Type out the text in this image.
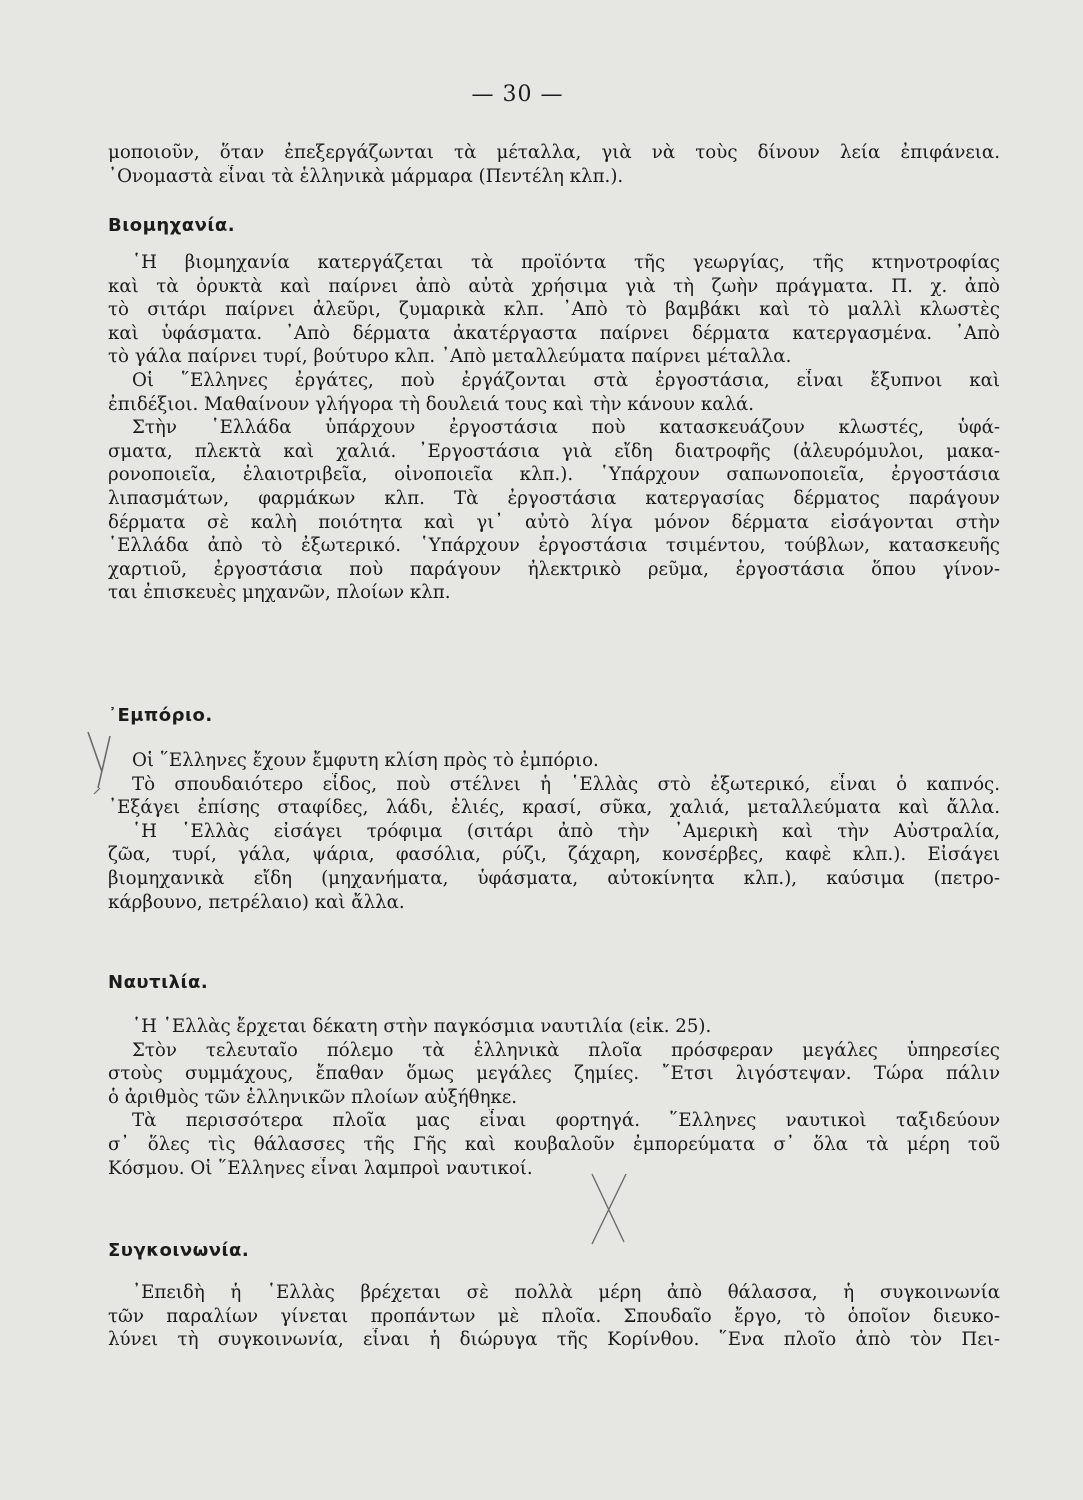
— 30 —
μοποιοῦν, ὅταν ἐπεξεργάζωνται τὰ μέταλλα, γιὰ νὰ τοὺς δίνουν λεία ἐπιφάνεια.
᾿Ονομαστὰ εἶναι τὰ ἑλληνικὰ μάρμαρα (Πεντέλη κλπ.).
Βιομηχανία.
῾Η βιομηχανία κατεργάζεται τὰ προϊόντα τῆς γεωργίας, τῆς κτηνοτροφίας
καὶ τὰ ὀρυκτὰ καὶ παίρνει ἀπὸ αὐτὰ χρήσιμα γιὰ τὴ ζωὴν πράγματα. Π. χ. ἀπὸ
τὸ σιτάρι παίρνει ἀλεῦρι, ζυμαρικὰ κλπ. ᾿Απὸ τὸ βαμβάκι καὶ τὸ μαλλὶ κλωστὲς
καὶ ὑφάσματα. ᾿Απὸ δέρματα ἀκατέργαστα παίρνει δέρματα κατεργασμένα. ᾿Απὸ
τὸ γάλα παίρνει τυρί, βούτυρο κλπ. ᾿Απὸ μεταλλεύματα παίρνει μέταλλα.
Οἱ ῞Ελληνες ἐργάτες, ποὺ ἐργάζονται στὰ ἐργοστάσια, εἶναι ἔξυπνοι καὶ
ἐπιδέξιοι. Μαθαίνουν γλήγορα τὴ δουλειά τους καὶ τὴν κάνουν καλά.
Στὴν ῾Ελλάδα ὑπάρχουν ἐργοστάσια ποὺ κατασκευάζουν κλωστές, ὑφά-
σματα, πλεκτὰ καὶ χαλιά. ᾿Εργοστάσια γιὰ εἴδη διατροφῆς (ἀλευρόμυλοι, μακα-
ρονοποιεῖα, ἐλαιοτριβεῖα, οἰνοποιεῖα κλπ.). ῾Υπάρχουν σαπωνοποιεῖα, ἐργοστάσια
λιπασμάτων, φαρμάκων κλπ. Τὰ ἐργοστάσια κατεργασίας δέρματος παράγουν
δέρματα σὲ καλὴ ποιότητα καὶ γι᾿ αὐτὸ λίγα μόνον δέρματα εἰσάγονται στὴν
῾Ελλάδα ἀπὸ τὸ ἐξωτερικό. ῾Υπάρχουν ἐργοστάσια τσιμέντου, τούβλων, κατασκευῆς
χαρτιοῦ, ἐργοστάσια ποὺ παράγουν ἠλεκτρικὸ ρεῦμα, ἐργοστάσια ὅπου γίνον-
ται ἐπισκευὲς μηχανῶν, πλοίων κλπ.
᾿Εμπόριο.
Οἱ ῞Ελληνες ἔχουν ἔμφυτη κλίση πρὸς τὸ ἐμπόριο.
Τὸ σπουδαιότερο εἶδος, ποὺ στέλνει ἡ ῾Ελλὰς στὸ ἐξωτερικό, εἶναι ὁ καπνός.
᾿Εξάγει ἐπίσης σταφίδες, λάδι, ἐλιές, κρασί, σῦκα, χαλιά, μεταλλεύματα καὶ ἄλλα.
῾Η ῾Ελλὰς εἰσάγει τρόφιμα (σιτάρι ἀπὸ τὴν ᾿Αμερικὴ καὶ τὴν Αὐστραλία,
ζῶα, τυρί, γάλα, ψάρια, φασόλια, ρύζι, ζάχαρη, κονσέρβες, καφὲ κλπ.). Εἰσάγει
βιομηχανικὰ εἴδη (μηχανήματα, ὑφάσματα, αὐτοκίνητα κλπ.), καύσιμα (πετρο-
κάρβουνο, πετρέλαιο) καὶ ἄλλα.
Ναυτιλία.
῾Η ῾Ελλὰς ἔρχεται δέκατη στὴν παγκόσμια ναυτιλία (εἰκ. 25).
Στὸν τελευταῖο πόλεμο τὰ ἑλληνικὰ πλοῖα πρόσφεραν μεγάλες ὑπηρεσίες
στοὺς συμμάχους, ἔπαθαν ὅμως μεγάλες ζημίες. ῎Ετσι λιγόστεψαν. Τώρα πάλιν
ὁ ἀριθμὸς τῶν ἑλληνικῶν πλοίων αὐξήθηκε.
Τὰ περισσότερα πλοῖα μας εἶναι φορτηγά. ῞Ελληνες ναυτικοὶ ταξιδεύουν
σ᾿ ὅλες τὶς θάλασσες τῆς Γῆς καὶ κουβαλοῦν ἐμπορεύματα σ᾿ ὅλα τὰ μέρη τοῦ
Κόσμου. Οἱ ῞Ελληνες εἶναι λαμπροὶ ναυτικοί.
Συγκοινωνία.
᾿Επειδὴ ἡ ῾Ελλὰς βρέχεται σὲ πολλὰ μέρη ἀπὸ θάλασσα, ἡ συγκοινωνία
τῶν παραλίων γίνεται προπάντων μὲ πλοῖα. Σπουδαῖο ἔργο, τὸ ὁποῖον διευκο-
λύνει τὴ συγκοινωνία, εἶναι ἡ διώρυγα τῆς Κορίνθου. ῞Ενα πλοῖο ἀπὸ τὸν Πει-
